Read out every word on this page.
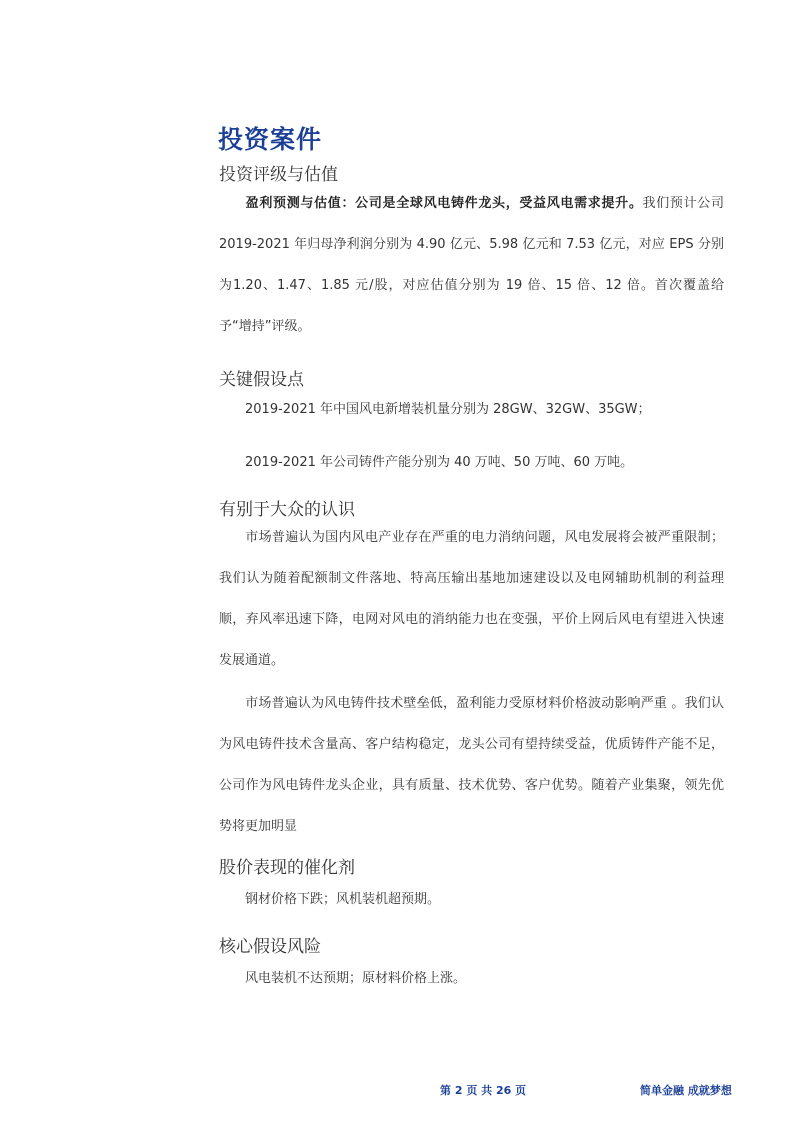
投资案件
投资评级与估值
盈利预测与估值：公司是全球风电铸件龙头，受益风电需求提升。我们预计公司2019-2021 年归母净利润分别为 4.90 亿元、5.98 亿元和 7.53 亿元，对应 EPS 分别为1.20、1.47、1.85 元/股，对应估值分别为 19 倍、15 倍、12 倍。首次覆盖给予“增持”评级。
关键假设点
2019-2021 年中国风电新增装机量分别为 28GW、32GW、35GW；
2019-2021 年公司铸件产能分别为 40 万吨、50 万吨、60 万吨。
有别于大众的认识
市场普遍认为国内风电产业存在严重的电力消纳问题，风电发展将会被严重限制；我们认为随着配额制文件落地、特高压输出基地加速建设以及电网辅助机制的利益理顺，弃风率迅速下降，电网对风电的消纳能力也在变强，平价上网后风电有望进入快速发展通道。
市场普遍认为风电铸件技术壁垒低，盈利能力受原材料价格波动影响严重 。我们认为风电铸件技术含量高、客户结构稳定，龙头公司有望持续受益，优质铸件产能不足，公司作为风电铸件龙头企业，具有质量、技术优势、客户优势。随着产业集聚，领先优势将更加明显
股价表现的催化剂
钢材价格下跌；风机装机超预期。
核心假设风险
风电装机不达预期；原材料价格上涨。
第 2 页 共 26 页	简单金融 成就梦想
